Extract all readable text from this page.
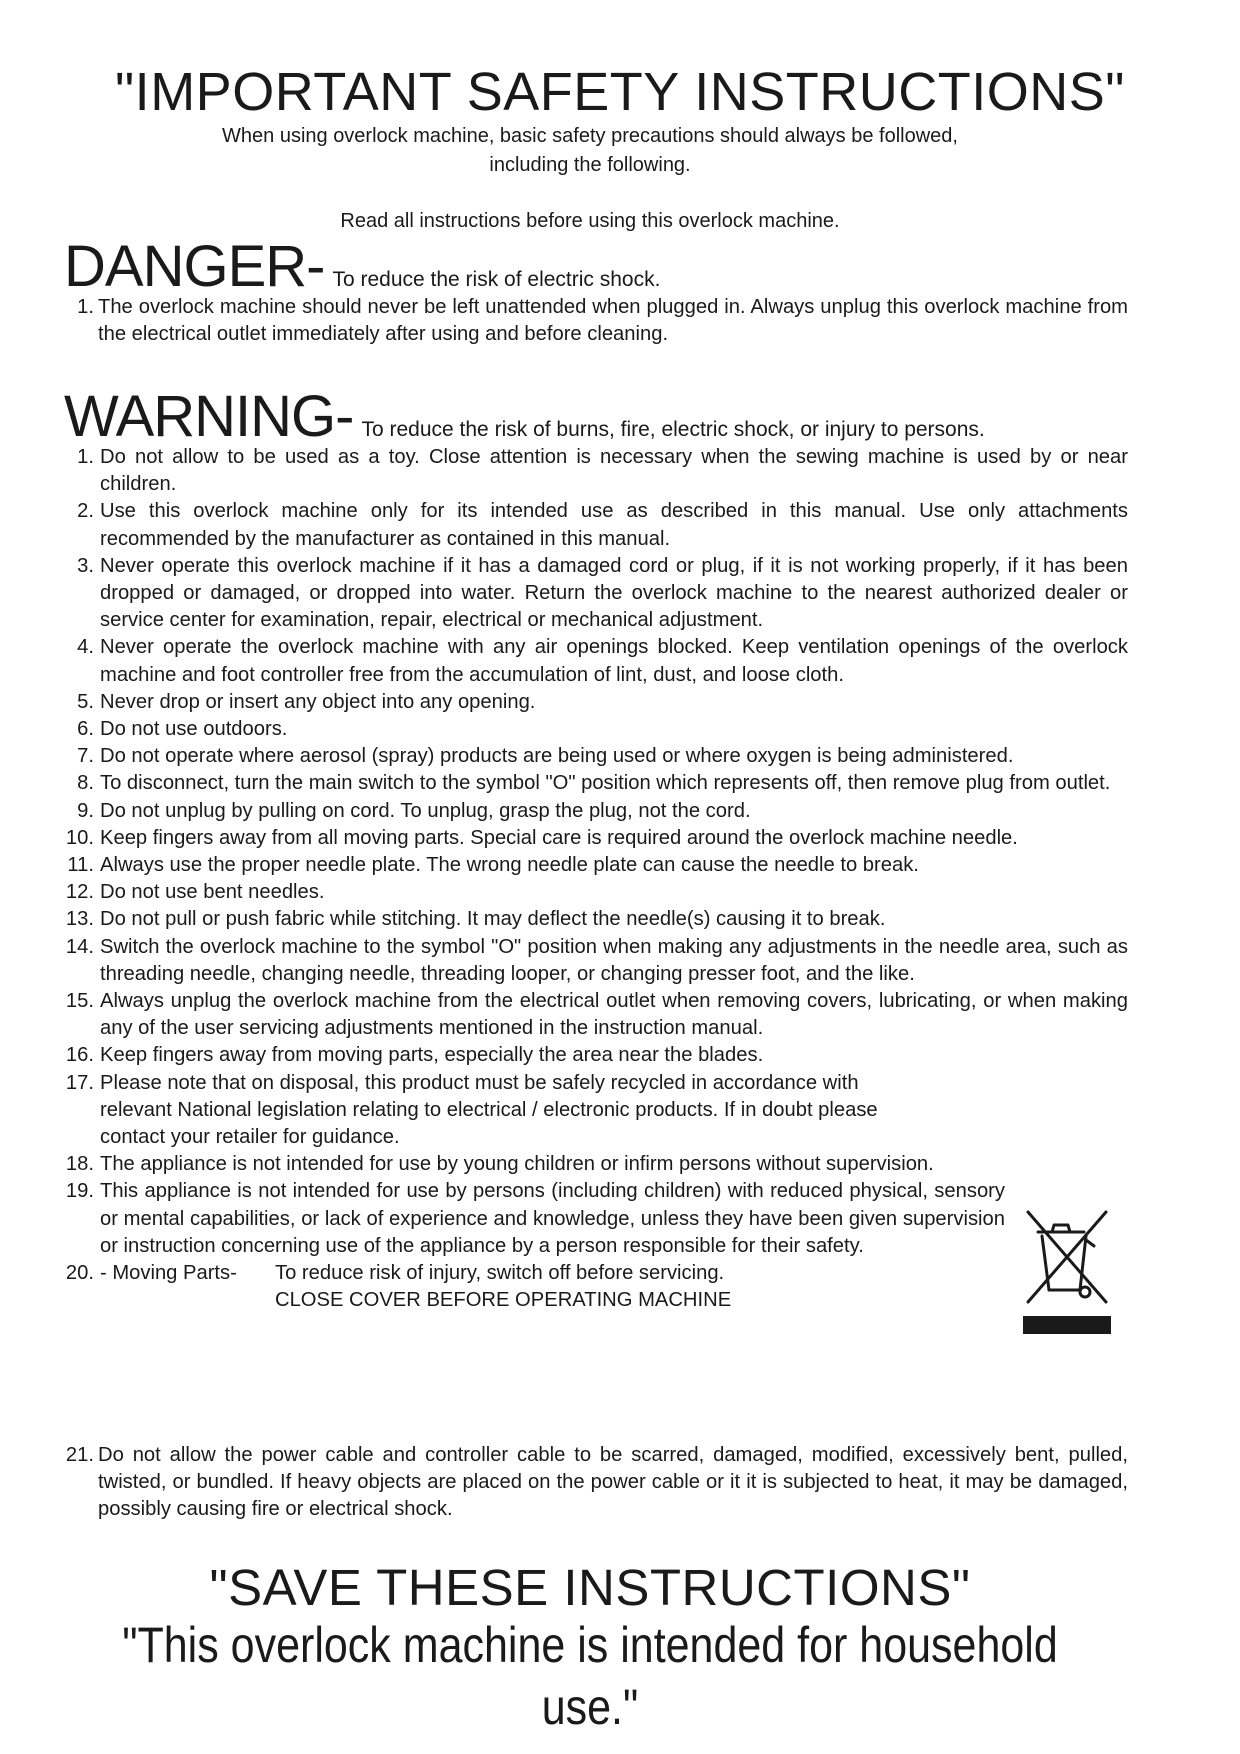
"IMPORTANT SAFETY INSTRUCTIONS"
When using overlock machine, basic safety precautions should always be followed,
including the following.
Read all instructions before using this overlock machine.
DANGER- To reduce the risk of electric shock.
1. The overlock machine should never be left unattended when plugged in. Always unplug this overlock machine from the electrical outlet immediately after using and before cleaning.
WARNING- To reduce the risk of burns, fire, electric shock, or injury to persons.
1. Do not allow to be used as a toy. Close attention is necessary when the sewing machine is used by or near children.
2. Use this overlock machine only for its intended use as described in this manual. Use only attachments recommended by the manufacturer as contained in this manual.
3. Never operate this overlock machine if it has a damaged cord or plug, if it is not working properly, if it has been dropped or damaged, or dropped into water. Return the overlock machine to the nearest authorized dealer or service center for examination, repair, electrical or mechanical adjustment.
4. Never operate the overlock machine with any air openings blocked. Keep ventilation openings of the overlock machine and foot controller free from the accumulation of lint, dust, and loose cloth.
5. Never drop or insert any object into any opening.
6. Do not use outdoors.
7. Do not operate where aerosol (spray) products are being used or where oxygen is being administered.
8. To disconnect, turn the main switch to the symbol "O" position which represents off, then remove plug from outlet.
9. Do not unplug by pulling on cord. To unplug, grasp the plug, not the cord.
10. Keep fingers away from all moving parts. Special care is required around the overlock machine needle.
11. Always use the proper needle plate. The wrong needle plate can cause the needle to break.
12. Do not use bent needles.
13. Do not pull or push fabric while stitching. It may deflect the needle(s) causing it to break.
14. Switch the overlock machine to the symbol "O" position when making any adjustments in the needle area, such as threading needle, changing needle, threading looper, or changing presser foot, and the like.
15. Always unplug the overlock machine from the electrical outlet when removing covers, lubricating, or when making any of the user servicing adjustments mentioned in the instruction manual.
16. Keep fingers away from moving parts, especially the area near the blades.
17. Please note that on disposal, this product must be safely recycled in accordance with relevant National legislation relating to electrical / electronic products. If in doubt please contact your retailer for guidance.
18. The appliance is not intended for use by young children or infirm persons without supervision.
19. This appliance is not intended for use by persons (including children) with reduced physical, sensory or mental capabilities, or lack of experience and knowledge, unless they have been given supervision or instruction concerning use of the appliance by a person responsible for their safety.
20. - Moving Parts- To reduce risk of injury, switch off before servicing.
CLOSE COVER BEFORE OPERATING MACHINE
21. Do not allow the power cable and controller cable to be scarred, damaged, modified, excessively bent, pulled, twisted, or bundled. If heavy objects are placed on the power cable or it it is subjected to heat, it may be damaged, possibly causing fire or electrical shock.
"SAVE THESE INSTRUCTIONS"
"This overlock machine is intended for household use."
